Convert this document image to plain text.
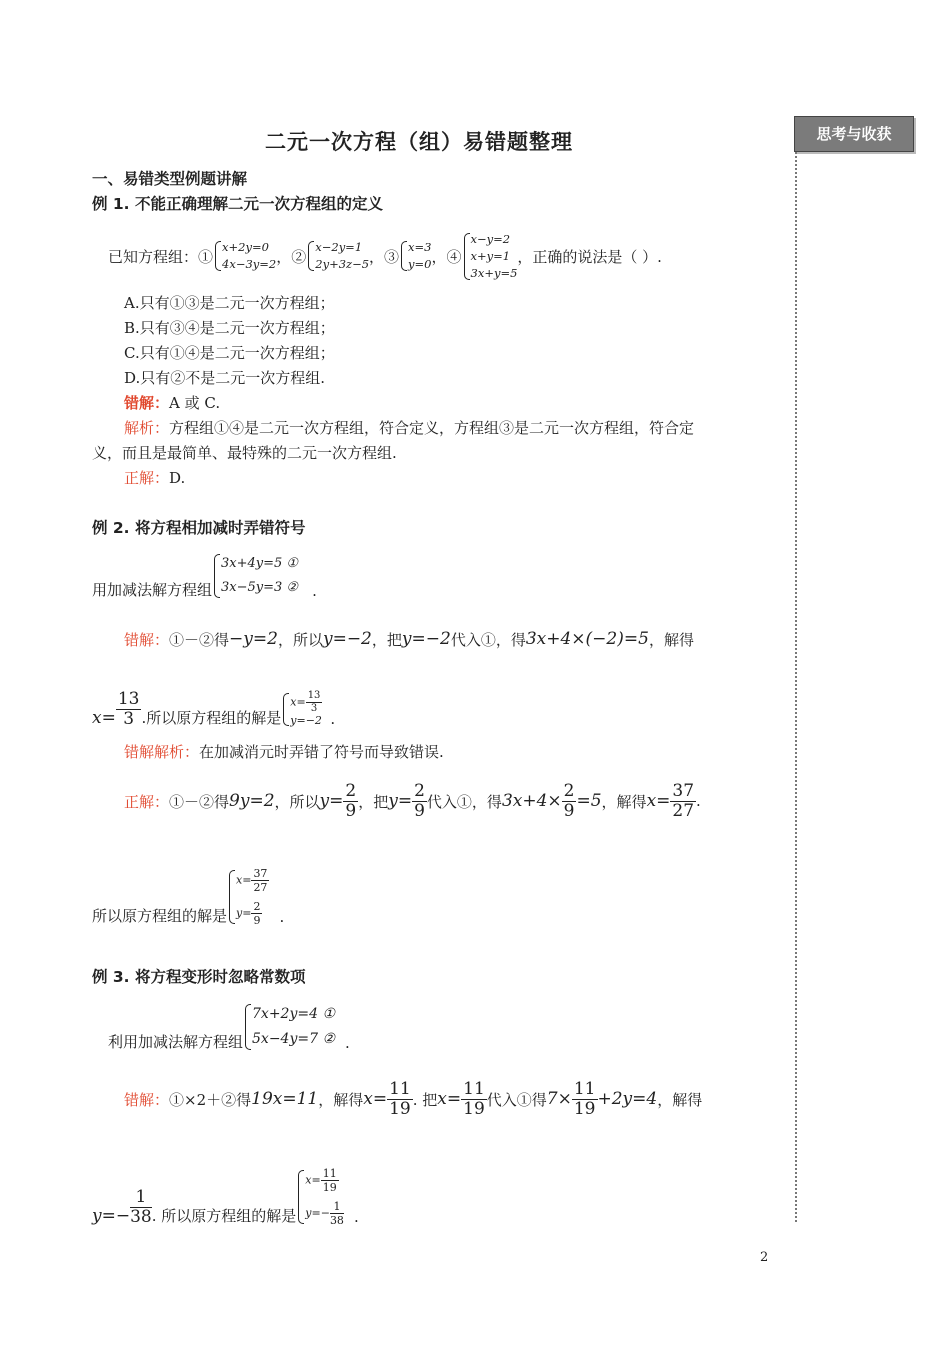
思考与收获
二元一次方程（组）易错题整理
一、易错类型例题讲解
例 1. 不能正确理解二元一次方程组的定义
已知方程组：①
x+2y=0
4x−3y=2 ，②
x−2y=1
2y+3z−5 ，③
x=3
y=0 ，④
x−y=2
x+y=1
3x+y=5
，正确的说法是（ ）.
A.只有①③是二元一次方程组；
B.只有③④是二元一次方程组；
C.只有①④是二元一次方程组；
D.只有②不是二元一次方程组.
错解：A 或 C.
解析：方程组①④是二元一次方程组，符合定义，方程组③是二元一次方程组，符合定
义，而且是最简单、最特殊的二元一次方程组.
正解：D.
例 2. 将方程相加减时弄错符号
用加减法解方程组
3x+4y=5 ①
3x−5y=3 ② .
错解： ①－②得 −y=2 ，所以 y=−2 ，把 y=−2 代入①，得 3x+4×(−2)=5 ，解得
$x= \frac{13}{3}$ .所以原方程组的解是
$x= \frac{13}{3}$
y=−2 .
错解解析：在加减消元时弄错了符号而导致错误.
正解： ①－②得 9y=2 ，所以 $y= \frac{2}{9}$ ，把 $y= \frac{2}{9}$ 代入①，得 $3x+4\times \frac{2}{9} =5$ ，解得 $x= \frac{37}{27}$ .
所以原方程组的解是
$x= \frac{37}{27}$
$y= \frac{2}{9}$ .
例 3. 将方程变形时忽略常数项
利用加减法解方程组
7x+2y=4 ①
5x−4y=7 ② .
错解： ①×2＋②得 19x=11 ，解得 $x= \frac{11}{19}$ . 把 $x= \frac{11}{19}$ 代入①得 $7\times \frac{11}{19} +2y=4$ ，解得
$y=- \frac{1}{38}$ . 所以原方程组的解是
$x= \frac{11}{19}$
$y=- \frac{1}{38}$ .
2
